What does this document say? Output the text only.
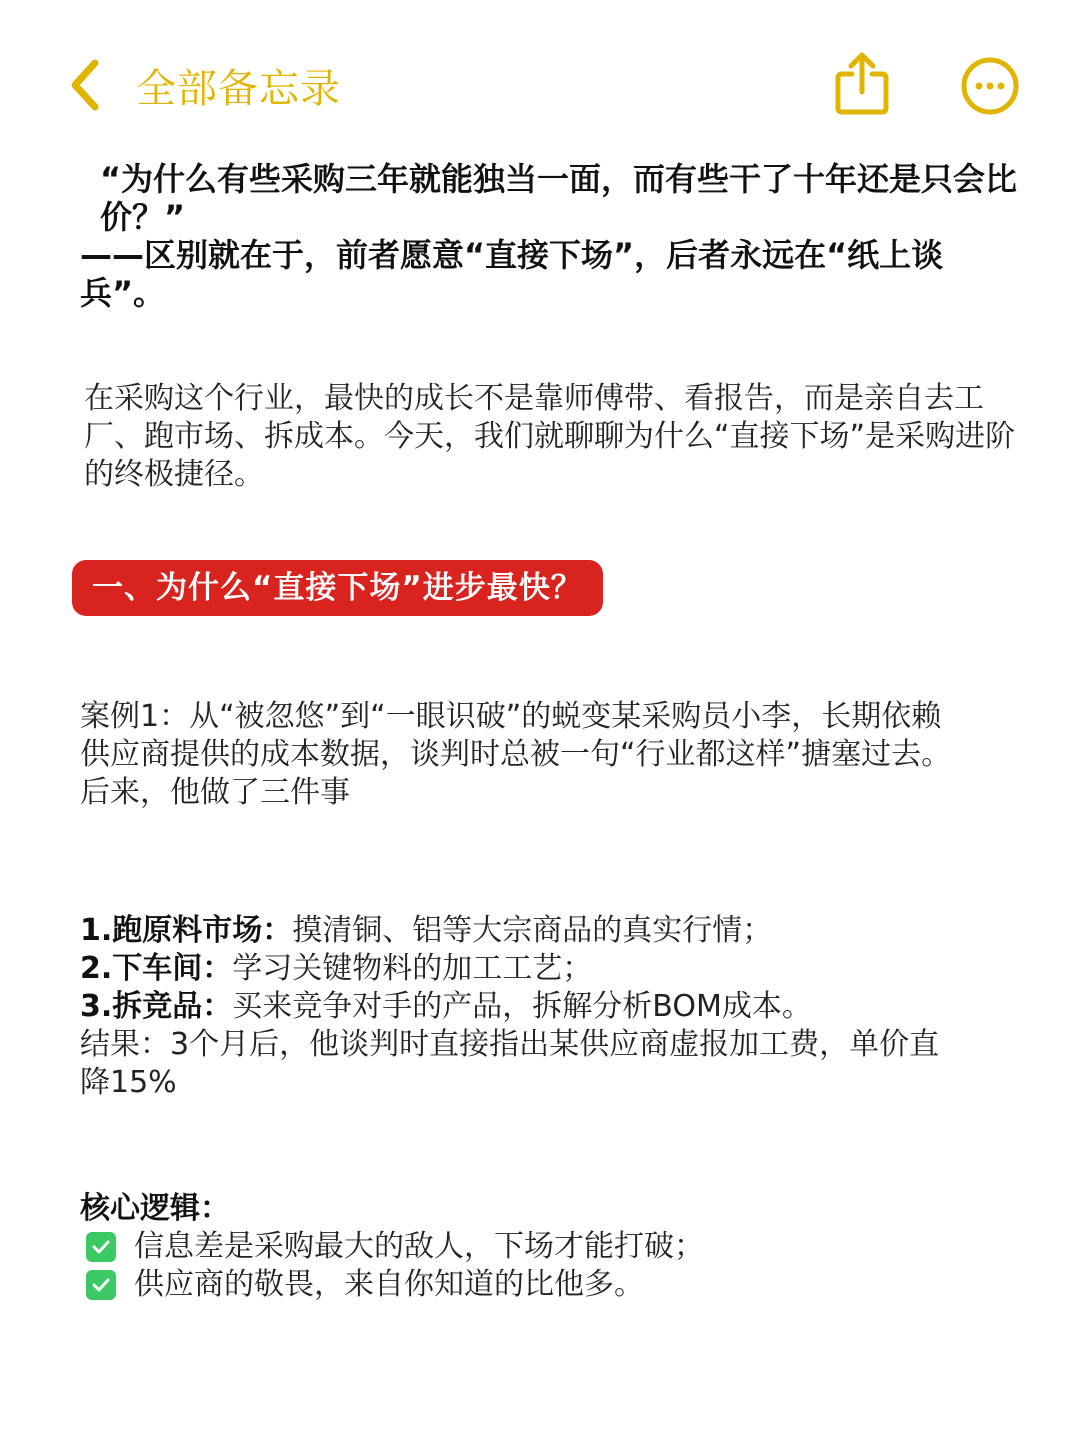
全部备忘录
“为什么有些采购三年就能独当一面，而有些干了十年还是只会比价？”
——区别就在于，前者愿意“直接下场”，后者永远在“纸上谈兵”。
在采购这个行业，最快的成长不是靠师傅带、看报告，而是亲自去工厂、跑市场、拆成本。今天，我们就聊聊为什么“直接下场”是采购进阶的终极捷径。
一、为什么“直接下场”进步最快？
案例1：从“被忽悠”到“一眼识破”的蜕变某采购员小李，长期依赖供应商提供的成本数据，谈判时总被一句“行业都这样”搪塞过去。后来，他做了三件事
1.跑原料市场：摸清铜、铝等大宗商品的真实行情；
2.下车间：学习关键物料的加工工艺；
3.拆竞品：买来竞争对手的产品，拆解分析BOM成本。
结果：3个月后，他谈判时直接指出某供应商虚报加工费，单价直降15%
核心逻辑：
信息差是采购最大的敌人，下场才能打破；
供应商的敬畏，来自你知道的比他多。
